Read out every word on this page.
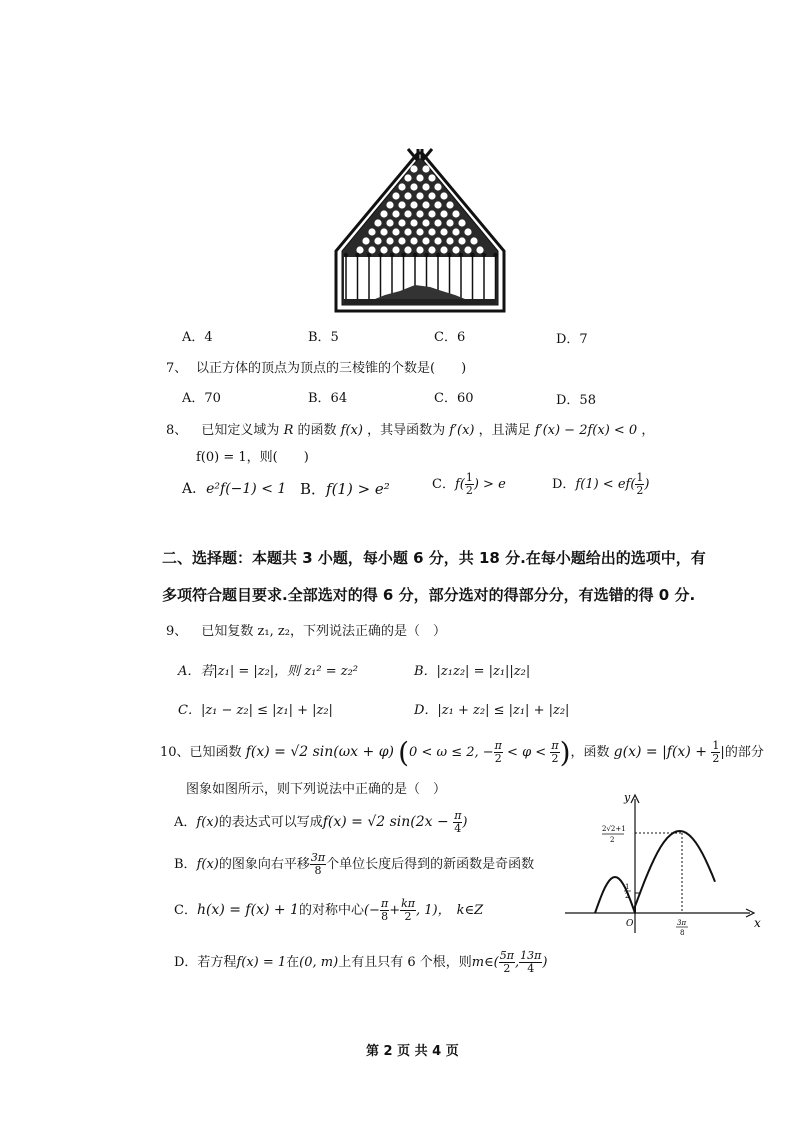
A．4	B．5	C．6	D．7
7、 以正方体的顶点为顶点的三棱锥的个数是(　　)
A．70	B．64	C．60	D．58
8、 已知定义域为 R 的函数 f(x) ，其导函数为 f′(x) ，且满足 f′(x) − 2f(x) < 0 ，
f(0) = 1，则(　　)
A．e²f(−1) < 1 B．f(1) > e²	C．$f( \frac{1}{2}$ ) > e	D．$f(1) < ef( \frac{1}{2}$ )
二、选择题：本题共 3 小题，每小题 6 分，共 18 分.在每小题给出的选项中，有
多项符合题目要求.全部选对的得 6 分，部分选对的得部分分，有选错的得 0 分.
9、 已知复数 z₁, z₂，下列说法正确的是（　）
A．若|z₁| = |z₂|，则 z₁² = z₂²	B．|z₁z₂| = |z₁||z₂|
C．|z₁ − z₂| ≤ |z₁| + |z₂|	D．|z₁ + z₂| ≤ |z₁| + |z₂|
10、已知函数 f(x) = √2 sin(ωx + φ) (0 < ω ≤ 2, − $\frac{\pi}{2} < \varphi < \frac{\pi}{2}$ )，函数 $g(x) = |f(x) + \frac{1}{2}$ |的部分
图象如图所示，则下列说法中正确的是（　）
A．f(x)的表达式可以写成f(x) = √2 $\sin(2x - \frac{\pi}{4}$ )
B．f(x)的图象向右平移 $\frac{3\pi}{8}$ 个单位长度后得到的新函数是奇函数
C．h(x) = f(x) + 1的对称中心(− $\frac{\pi}{8} + \frac{k\pi}{2}$ , 1)， k∈Z
D．若方程f(x) = 1在(0, m)上有且只有 6 个根，则m∈( $\frac{5\pi}{2}$ , $\frac{13\pi}{4}$ )
y
x
O
2√2+1
2
1
2
3π
8
第 2 页 共 4 页
